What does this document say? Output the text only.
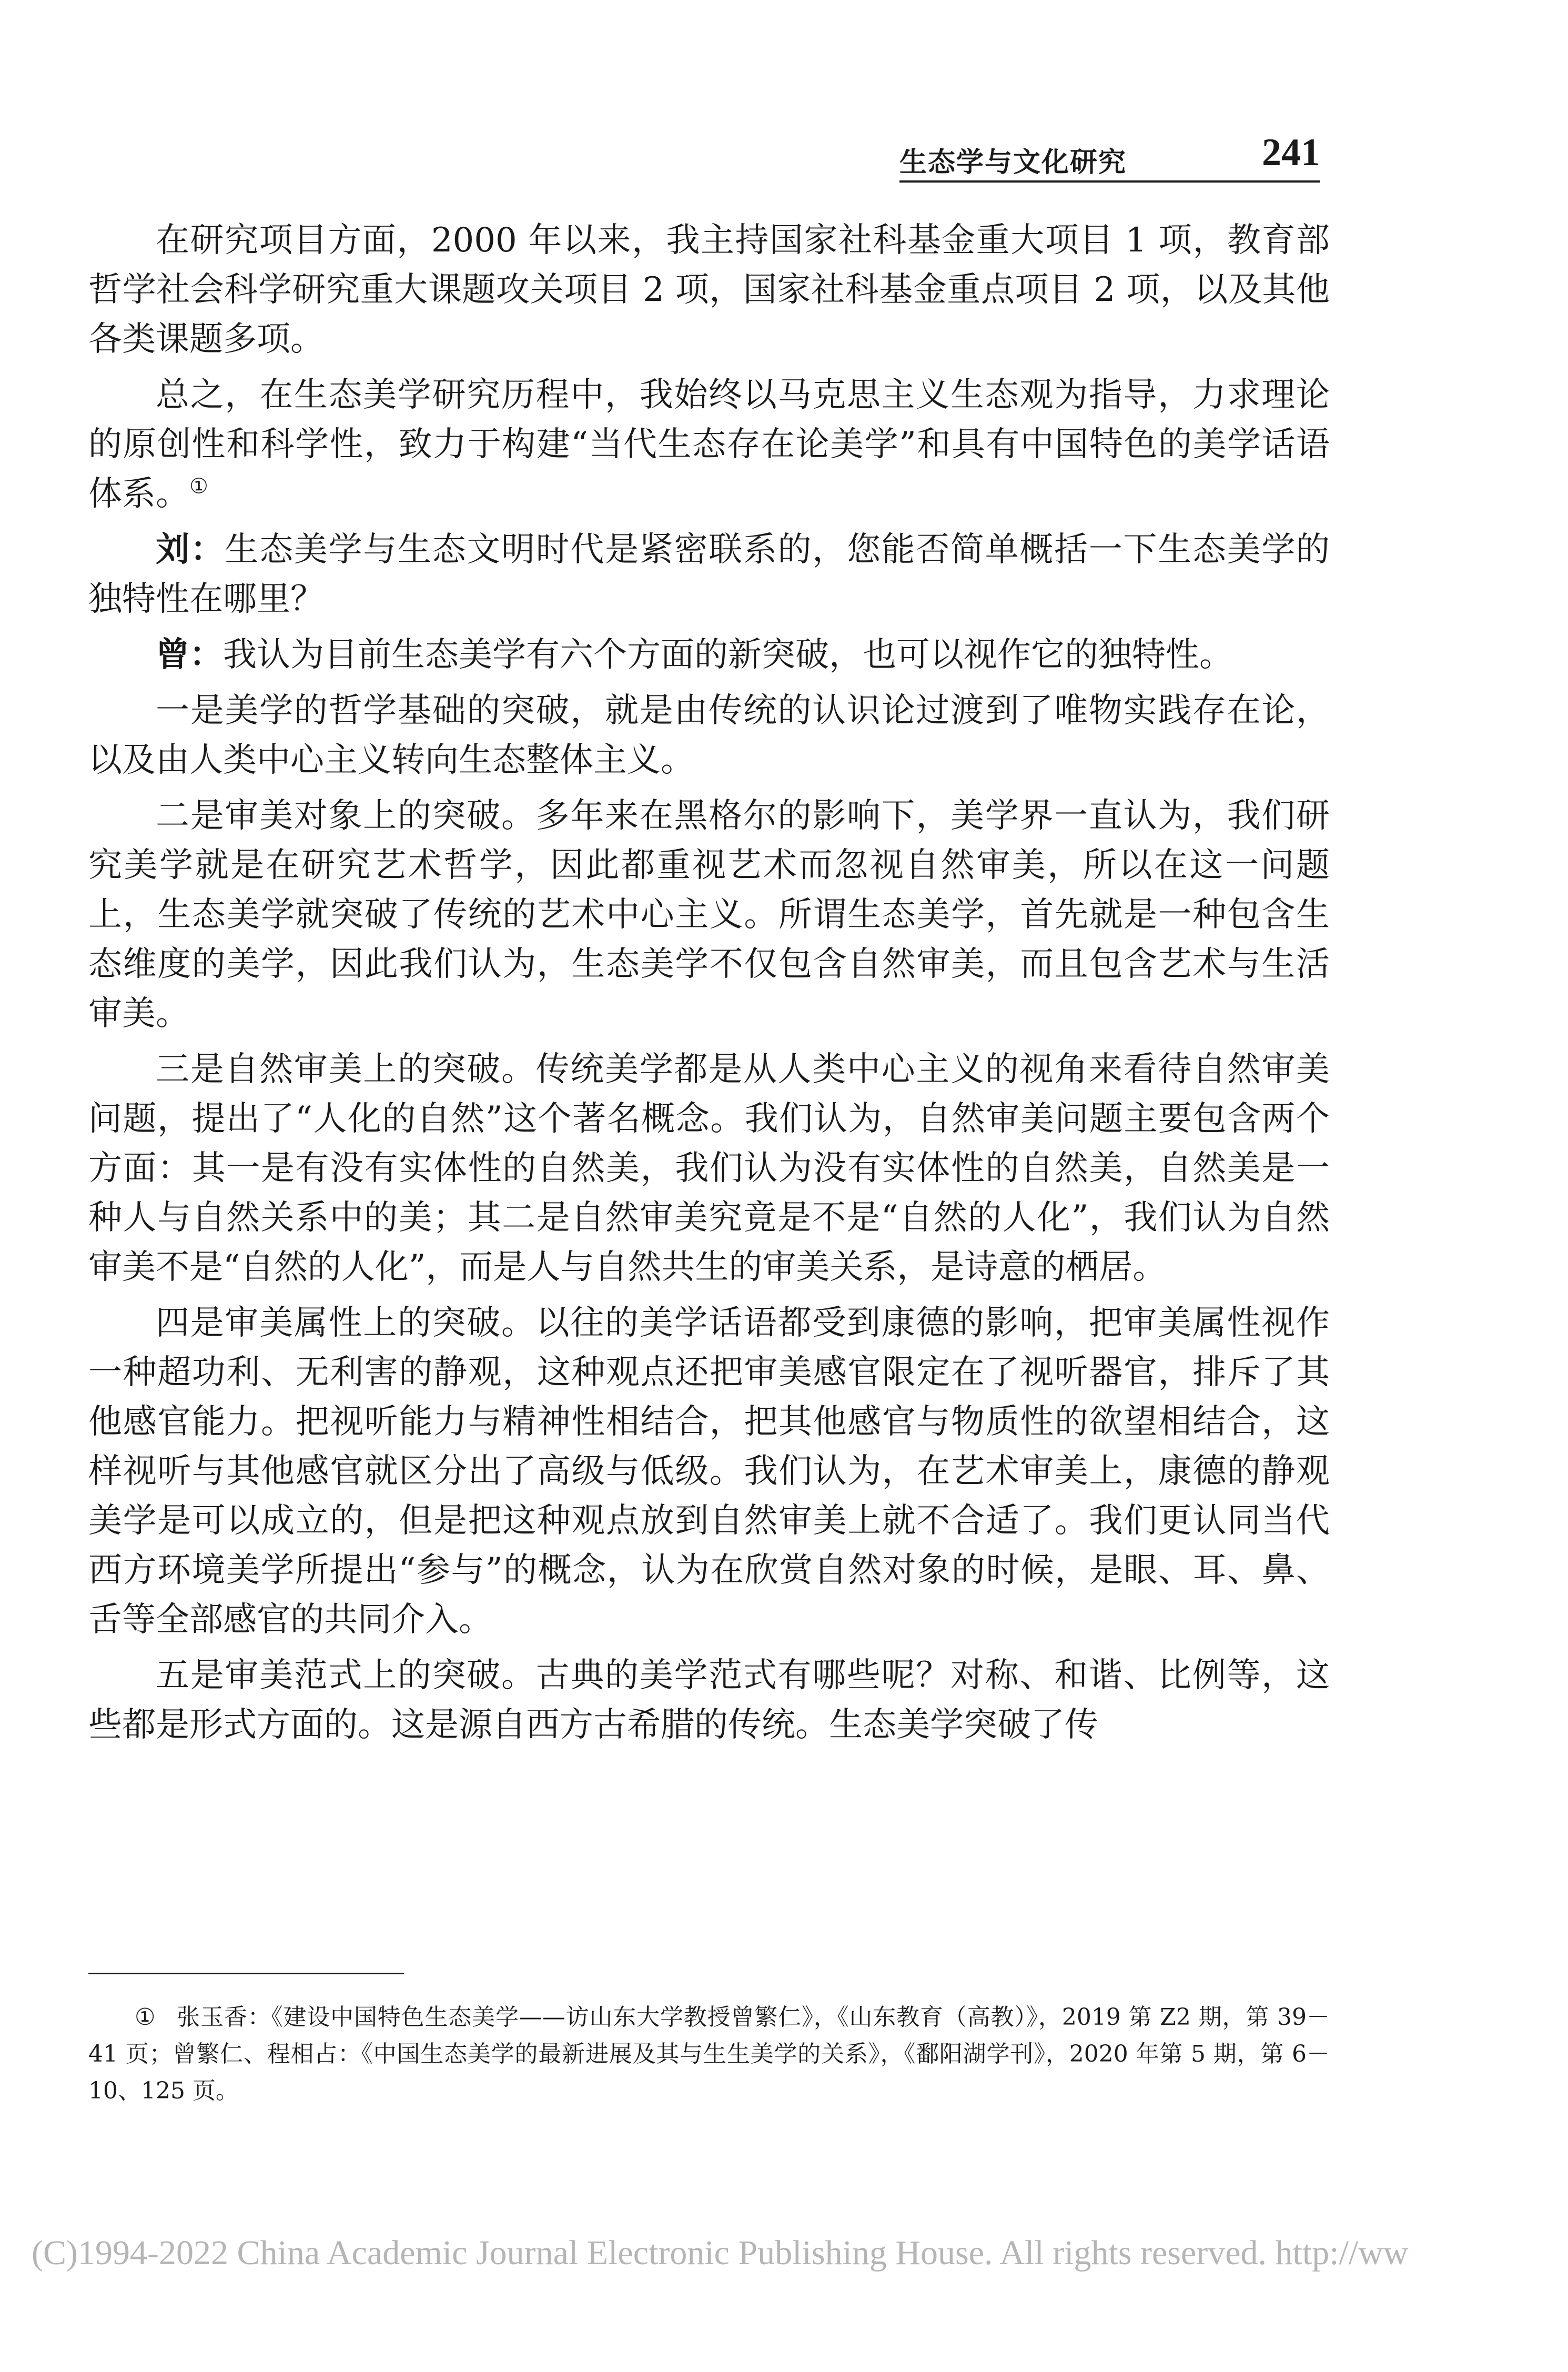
生态学与文化研究	241

在研究项目方面，2000 年以来，我主持国家社科基金重大项目 1 项，教育部哲学社会科学研究重大课题攻关项目 2 项，国家社科基金重点项目 2 项，以及其他各类课题多项。

总之，在生态美学研究历程中，我始终以马克思主义生态观为指导，力求理论的原创性和科学性，致力于构建“当代生态存在论美学”和具有中国特色的美学话语体系。①

刘：生态美学与生态文明时代是紧密联系的，您能否简单概括一下生态美学的独特性在哪里？

曾：我认为目前生态美学有六个方面的新突破，也可以视作它的独特性。

一是美学的哲学基础的突破，就是由传统的认识论过渡到了唯物实践存在论，以及由人类中心主义转向生态整体主义。

二是审美对象上的突破。多年来在黑格尔的影响下，美学界一直认为，我们研究美学就是在研究艺术哲学，因此都重视艺术而忽视自然审美，所以在这一问题上，生态美学就突破了传统的艺术中心主义。所谓生态美学，首先就是一种包含生态维度的美学，因此我们认为，生态美学不仅包含自然审美，而且包含艺术与生活审美。

三是自然审美上的突破。传统美学都是从人类中心主义的视角来看待自然审美问题，提出了“人化的自然”这个著名概念。我们认为，自然审美问题主要包含两个方面：其一是有没有实体性的自然美，我们认为没有实体性的自然美，自然美是一种人与自然关系中的美；其二是自然审美究竟是不是“自然的人化”，我们认为自然审美不是“自然的人化”，而是人与自然共生的审美关系，是诗意的栖居。

四是审美属性上的突破。以往的美学话语都受到康德的影响，把审美属性视作一种超功利、无利害的静观，这种观点还把审美感官限定在了视听器官，排斥了其他感官能力。把视听能力与精神性相结合，把其他感官与物质性的欲望相结合，这样视听与其他感官就区分出了高级与低级。我们认为，在艺术审美上，康德的静观美学是可以成立的，但是把这种观点放到自然审美上就不合适了。我们更认同当代西方环境美学所提出“参与”的概念，认为在欣赏自然对象的时候，是眼、耳、鼻、舌等全部感官的共同介入。

五是审美范式上的突破。古典的美学范式有哪些呢？对称、和谐、比例等，这些都是形式方面的。这是源自西方古希腊的传统。生态美学突破了传

① 张玉香：《建设中国特色生态美学——访山东大学教授曾繁仁》，《山东教育（高教）》，2019 第 Z2 期，第 39－41 页；曾繁仁、程相占：《中国生态美学的最新进展及其与生生美学的关系》，《鄱阳湖学刊》，2020 年第 5 期，第 6－10、125 页。

(C)1994-2022 China Academic Journal Electronic Publishing House. All rights reserved. http://ww
